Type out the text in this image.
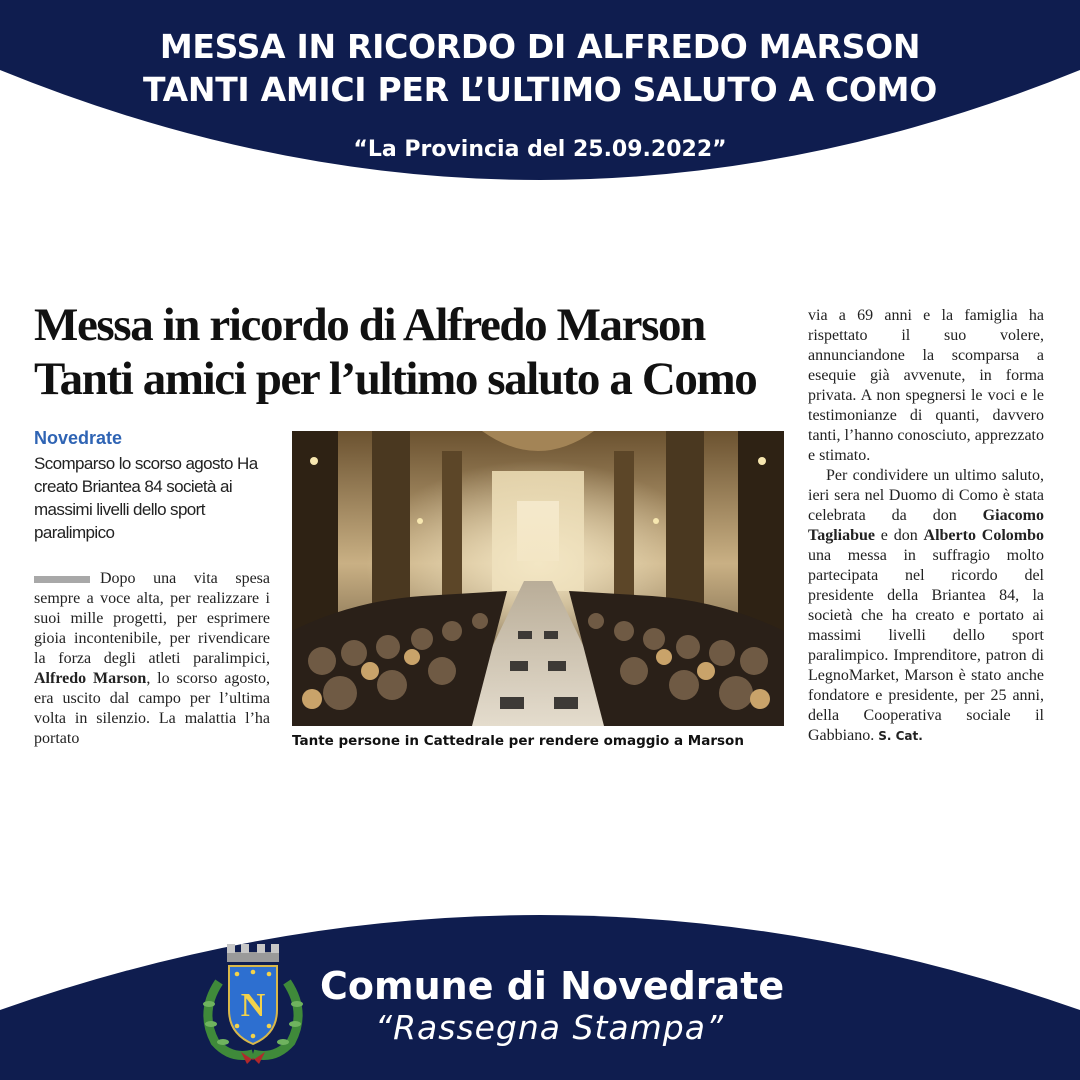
MESSA IN RICORDO DI ALFREDO MARSON
TANTI AMICI PER L’ULTIMO SALUTO A COMO
“La Provincia del 25.09.2022”
Messa in ricordo di Alfredo Marson
Tanti amici per l’ultimo saluto a Como
Novedrate
Scomparso lo scorso agosto Ha creato Briantea 84 società ai massimi livelli dello sport paralimpico

Dopo una vita spesa sempre a voce alta, per realizzare i suoi mille progetti, per esprimere gioia incontenibile, per rivendicare la forza degli atleti paralimpici, Alfredo Marson, lo scorso agosto, era uscito dal campo per l’ultima volta in silenzio. La malattia l’ha portato	Tante persone in Cattedrale per rendere omaggio a Marson

via a 69 anni e la famiglia ha rispettato il suo volere, annunciandone la scomparsa a esequie già avvenute, in forma privata. A non spegnersi le voci e le testimonianze di quanti, davvero tanti, l’hanno conosciuto, apprezzato e stimato.

Per condividere un ultimo saluto, ieri sera nel Duomo di Como è stata celebrata da don Giacomo Tagliabue e don Alberto Colombo una messa in suffragio molto partecipata nel ricordo del presidente della Briantea 84, la società che ha creato e portato ai massimi livelli dello sport paralimpico. Imprenditore, patron di LegnoMarket, Marson è stato anche fondatore e presidente, per 25 anni, della Cooperativa sociale il Gabbiano. S. Cat.

N Comune di Novedrate
“Rassegna Stampa”
